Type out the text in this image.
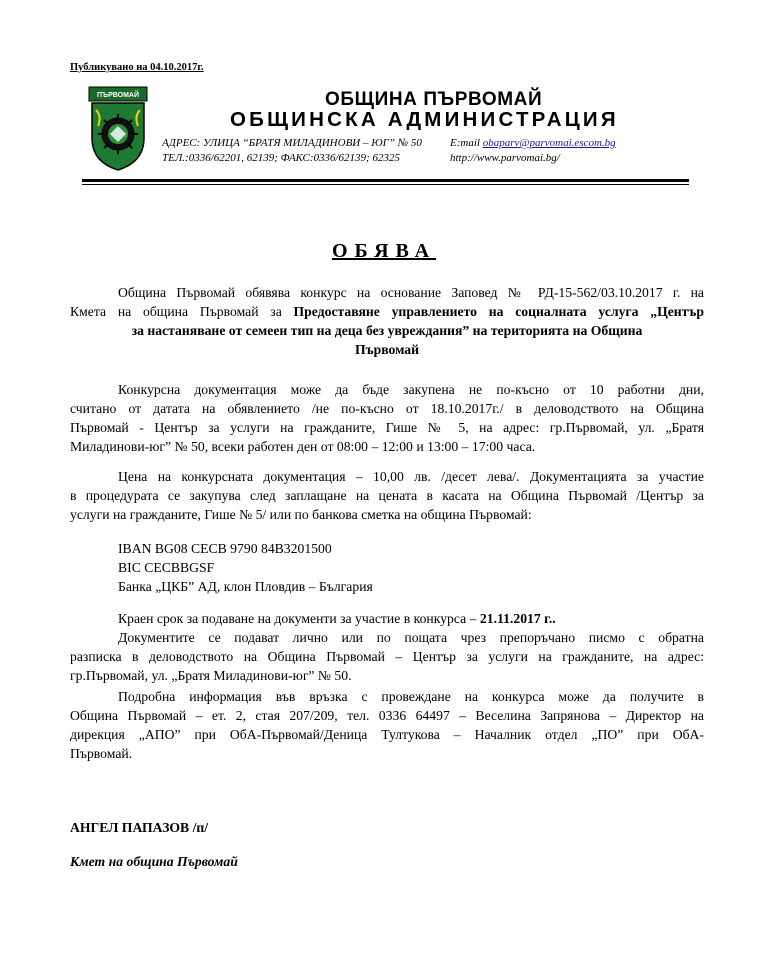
Публикувано на 04.10.2017г.
ПЪРВОМАЙ	ОБЩИНА ПЪРВОМАЙ
ОБЩИНСКА АДМИНИСТРАЦИЯ
АДРЕС: УЛИЦА “БРАТЯ МИЛАДИНОВИ – ЮГ” № 50
ТЕЛ.:0336/62201, 62139; ФАКС:0336/62139; 62325
E:mail obaparv@parvomai.escom.bg
http://www.parvomai.bg/
ОБЯВА
Община Първомай обявява конкурс на основание Заповед № РД-15-562/03.10.2017 г. на
Кмета на община Първомай за Предоставяне управлението на социалната услуга „Център
за настаняване от семеен тип на деца без увреждания” на територията на Община
Първомай
Конкурсна документация може да бъде закупена не по-късно от 10 работни дни,
считано от датата на обявлението /не по-късно от 18.10.2017г./ в деловодството на Община
Първомай - Център за услуги на гражданите, Гише № 5, на адрес: гр.Първомай, ул. „Братя
Миладинови-юг” № 50, всеки работен ден от 08:00 – 12:00 и 13:00 – 17:00 часа.
Цена на конкурсната документация – 10,00 лв. /десет лева/. Документацията за участие
в процедурата се закупува след заплащане на цената в касата на Община Първомай /Център за
услуги на гражданите, Гише № 5/ или по банкова сметка на община Първомай:
IBAN BG08 CECB 9790 84B3201500
BIC CECBBGSF
Банка „ЦКБ” АД, клон Пловдив – България
Краен срок за подаване на документи за участие в конкурса – 21.11.2017 г..
Документите се подават лично или по пощата чрез препоръчано писмо с обратна
разписка в деловодството на Община Първомай – Център за услуги на гражданите, на адрес:
гр.Първомай, ул. „Братя Миладинови-юг” № 50.
Подробна информация във връзка с провеждане на конкурса може да получите в
Община Първомай – ет. 2, стая 207/209, тел. 0336 64497 – Веселина Запрянова – Директор на
дирекция „АПО” при ОбА-Първомай/Деница Тултукова – Началник отдел „ПО” при ОбА-
Първомай.
АНГЕЛ ПАПАЗОВ /п/
Кмет на община Първомай
